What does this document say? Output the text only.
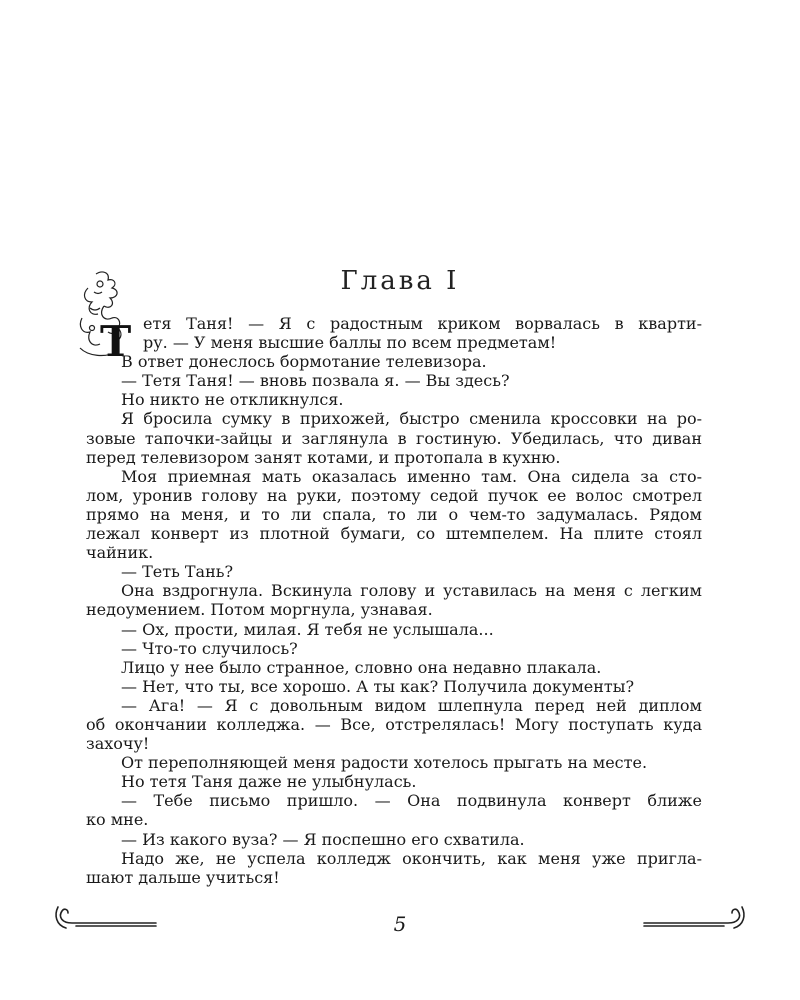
Глава I
Т етя Таня! — Я с радостным криком ворвалась в кварти-
ру. — У меня высшие баллы по всем предметам!
В ответ донеслось бормотание телевизора.
— Тетя Таня! — вновь позвала я. — Вы здесь?
Но никто не откликнулся.
Я бросила сумку в прихожей, быстро сменила кроссовки на ро-
зовые тапочки-зайцы и заглянула в гостиную. Убедилась, что диван
перед телевизором занят котами, и протопала в кухню.
Моя приемная мать оказалась именно там. Она сидела за сто-
лом, уронив голову на руки, поэтому седой пучок ее волос смотрел
прямо на меня, и то ли спала, то ли о чем-то задумалась. Рядом
лежал конверт из плотной бумаги, со штемпелем. На плите стоял
чайник.
— Теть Тань?
Она вздрогнула. Вскинула голову и уставилась на меня с легким
недоумением. Потом моргнула, узнавая.
— Ох, прости, милая. Я тебя не услышала...
— Что-то случилось?
Лицо у нее было странное, словно она недавно плакала.
— Нет, что ты, все хорошо. А ты как? Получила документы?
— Ага! — Я с довольным видом шлепнула перед ней диплом
об окончании колледжа. — Все, отстрелялась! Могу поступать куда
захочу!
От переполняющей меня радости хотелось прыгать на месте.
Но тетя Таня даже не улыбнулась.
— Тебе письмо пришло. — Она подвинула конверт ближе
ко мне.
— Из какого вуза? — Я поспешно его схватила.
Надо же, не успела колледж окончить, как меня уже пригла-
шают дальше учиться!
5
